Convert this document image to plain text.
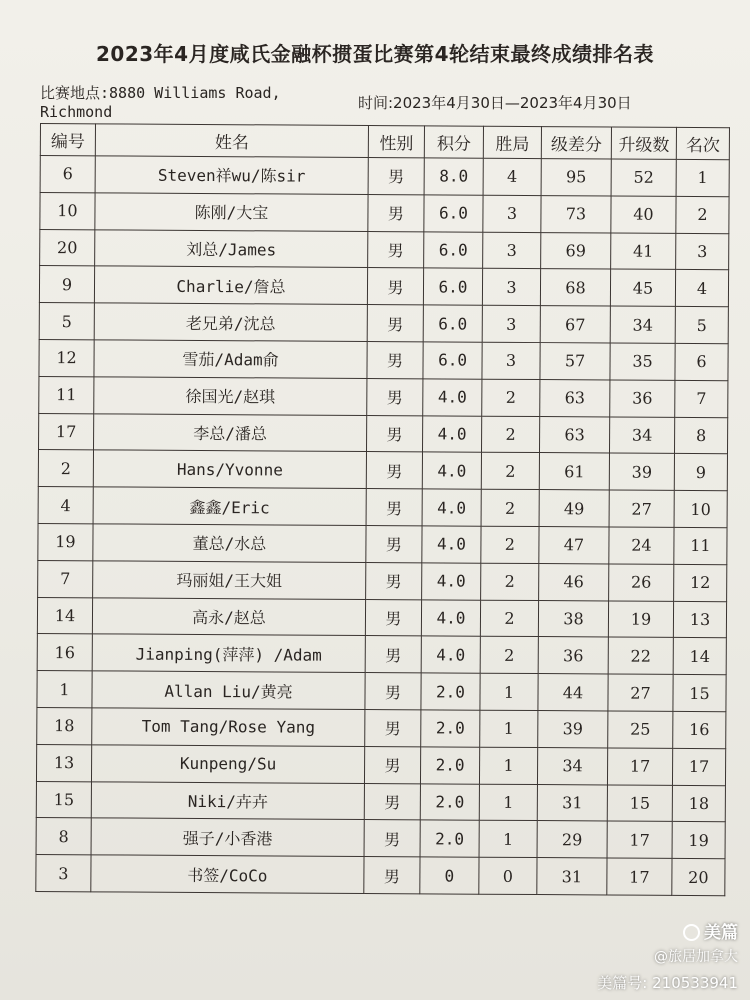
2023年4月度咸氏金融杯掼蛋比赛第4轮结束最终成绩排名表
比赛地点:8880 Williams Road, Richmond	时间:2023年4月30日—2023年4月30日
编号	姓名	性别	积分	胜局	级差分	升级数	名次
6	Steven祥wu/陈sir	男	8.0	4	95	52	1
10	陈刚/大宝	男	6.0	3	73	40	2
20	刘总/James	男	6.0	3	69	41	3
9	Charlie/詹总	男	6.0	3	68	45	4
5	老兄弟/沈总	男	6.0	3	67	34	5
12	雪茄/Adam俞	男	6.0	3	57	35	6
11	徐国光/赵琪	男	4.0	2	63	36	7
17	李总/潘总	男	4.0	2	63	34	8
2	Hans/Yvonne	男	4.0	2	61	39	9
4	鑫鑫/Eric	男	4.0	2	49	27	10
19	董总/水总	男	4.0	2	47	24	11
7	玛丽姐/王大姐	男	4.0	2	46	26	12
14	高永/赵总	男	4.0	2	38	19	13
16	Jianping(萍萍) /Adam	男	4.0	2	36	22	14
1	Allan Liu/黄亮	男	2.0	1	44	27	15
18	Tom Tang/Rose Yang	男	2.0	1	39	25	16
13	Kunpeng/Su	男	2.0	1	34	17	17
15	Niki/卉卉	男	2.0	1	31	15	18
8	强子/小香港	男	2.0	1	29	17	19
3	书签/CoCo	男	0	0	31	17	20
美篇
@旅居加拿大
美篇号: 210533941
